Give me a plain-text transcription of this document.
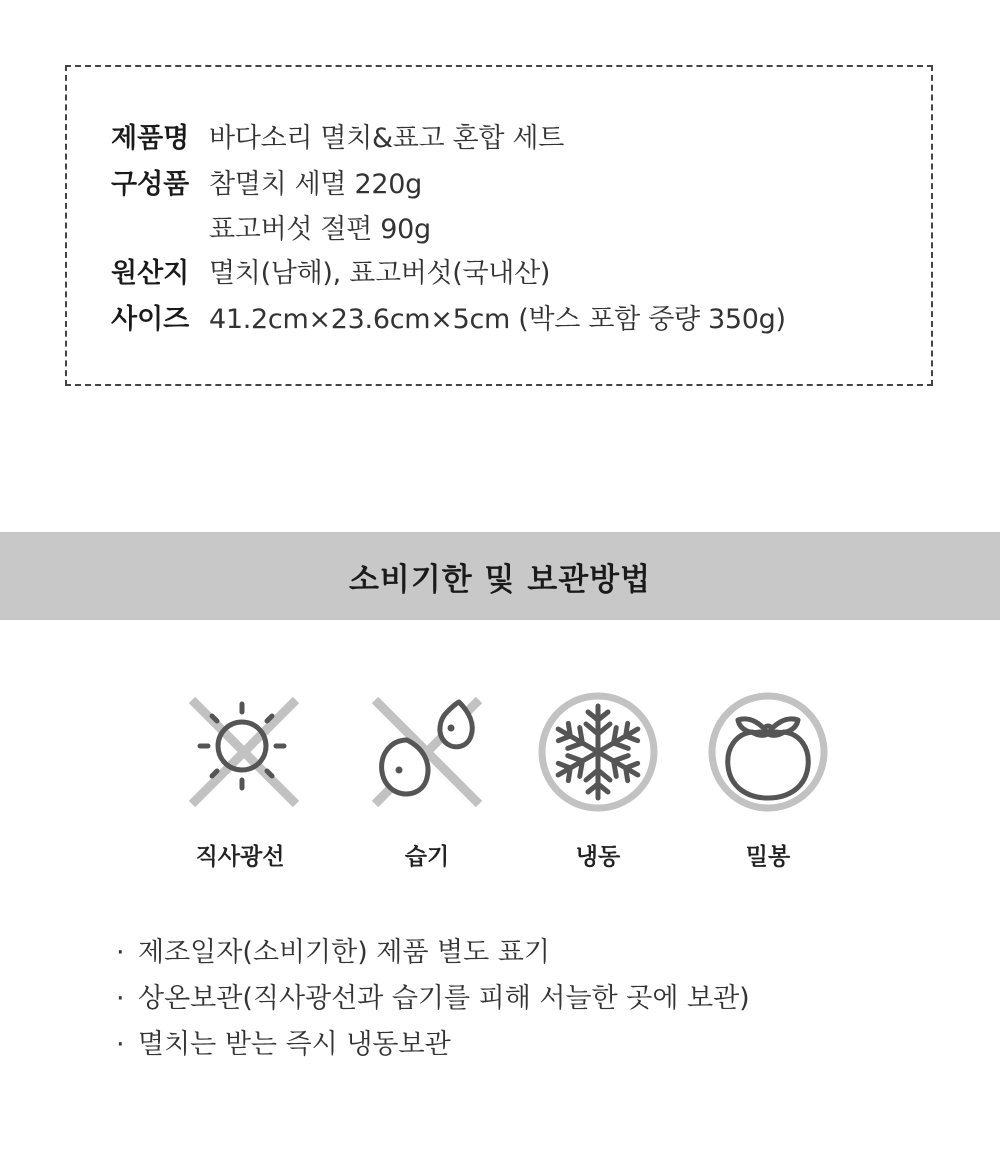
제품명 바다소리 멸치&표고 혼합 세트
구성품 참멸치 세멸 220g
표고버섯 절편 90g
원산지 멸치(남해), 표고버섯(국내산)
사이즈 41.2cm×23.6cm×5cm (박스 포함 중량 350g)
소비기한 및 보관방법
직사광선	습기	냉동	밀봉
· 제조일자(소비기한) 제품 별도 표기
· 상온보관(직사광선과 습기를 피해 서늘한 곳에 보관)
· 멸치는 받는 즉시 냉동보관
